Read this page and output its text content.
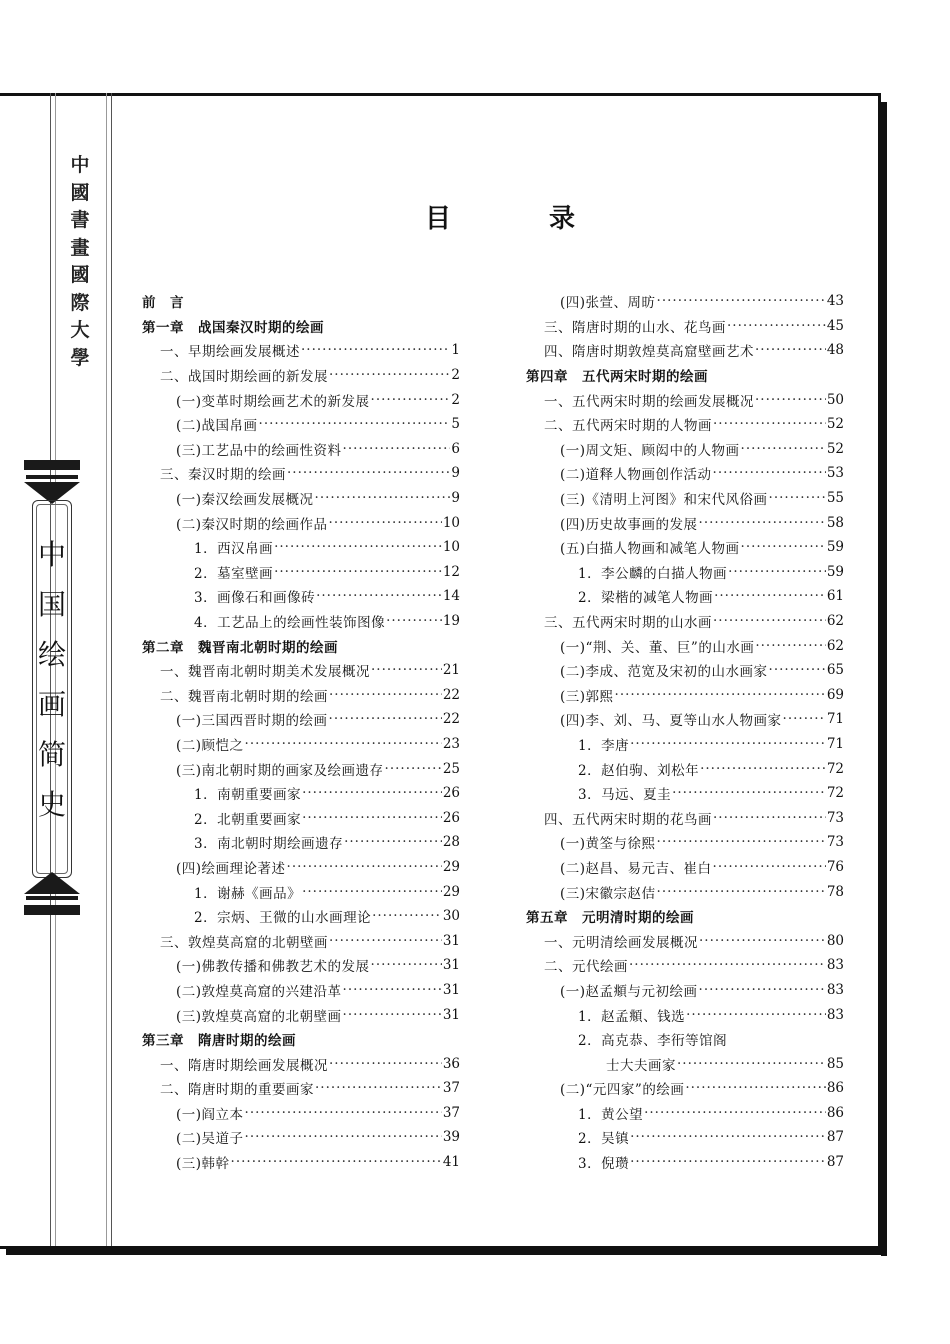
中
國
書
畫
國
際
大
學
中
国
绘
画
简
史
目	录
前　言
第一章　战国秦汉时期的绘画
一、早期绘画发展概述 ·····	1
二、战国时期绘画的新发展 ·····	2
(一)变革时期绘画艺术的新发展 ·····	2
(二)战国帛画 ·····	5
(三)工艺品中的绘画性资料 ·····	6
三、秦汉时期的绘画 ·····	9
(一)秦汉绘画发展概况 ·····	9
(二)秦汉时期的绘画作品 ·····	10
1．西汉帛画 ·····	10
2．墓室壁画 ·····	12
3．画像石和画像砖 ·····	14
4．工艺品上的绘画性装饰图像 ·····	19
第二章　魏晋南北朝时期的绘画
一、魏晋南北朝时期美术发展概况 ·····	21
二、魏晋南北朝时期的绘画 ·····	22
(一)三国西晋时期的绘画 ·····	22
(二)顾恺之 ·····	23
(三)南北朝时期的画家及绘画遗存 ·····	25
1．南朝重要画家 ·····	26
2．北朝重要画家 ·····	26
3．南北朝时期绘画遗存 ·····	28
(四)绘画理论著述 ·····	29
1．谢赫《画品》 ·····	29
2．宗炳、王微的山水画理论 ·····	30
三、敦煌莫高窟的北朝壁画 ·····	31
(一)佛教传播和佛教艺术的发展 ·····	31
(二)敦煌莫高窟的兴建沿革 ·····	31
(三)敦煌莫高窟的北朝壁画 ·····	31
第三章　隋唐时期的绘画
一、隋唐时期绘画发展概况 ·····	36
二、隋唐时期的重要画家 ·····	37
(一)阎立本 ·····	37
(二)吴道子 ·····	39
(三)韩幹 ·····	41
(四)张萱、周昉 ·····	43
三、隋唐时期的山水、花鸟画 ·····	45
四、隋唐时期敦煌莫高窟壁画艺术 ·····	48
第四章　五代两宋时期的绘画
一、五代两宋时期的绘画发展概况 ·····	50
二、五代两宋时期的人物画 ·····	52
(一)周文矩、顾闳中的人物画 ·····	52
(二)道释人物画创作活动 ·····	53
(三)《清明上河图》和宋代风俗画 ·····	55
(四)历史故事画的发展 ·····	58
(五)白描人物画和减笔人物画 ·····	59
1．李公麟的白描人物画 ·····	59
2．梁楷的减笔人物画 ·····	61
三、五代两宋时期的山水画 ·····	62
(一)“荆、关、董、巨”的山水画 ·····	62
(二)李成、范宽及宋初的山水画家 ·····	65
(三)郭熙 ·····	69
(四)李、刘、马、夏等山水人物画家 ·····	71
1．李唐 ·····	71
2．赵伯驹、刘松年 ·····	72
3．马远、夏圭 ·····	72
四、五代两宋时期的花鸟画 ·····	73
(一)黄筌与徐熙 ·····	73
(二)赵昌、易元吉、崔白 ·····	76
(三)宋徽宗赵佶 ·····	78
第五章　元明清时期的绘画
一、元明清绘画发展概况 ·····	80
二、元代绘画 ·····	83
(一)赵孟頫与元初绘画 ·····	83
1．赵孟頫、钱选 ·····	83
2．高克恭、李衎等馆阁
士大夫画家 ·····	85
(二)“元四家”的绘画 ·····	86
1．黄公望 ·····	86
2．吴镇 ·····	87
3．倪瓒 ·····	87
